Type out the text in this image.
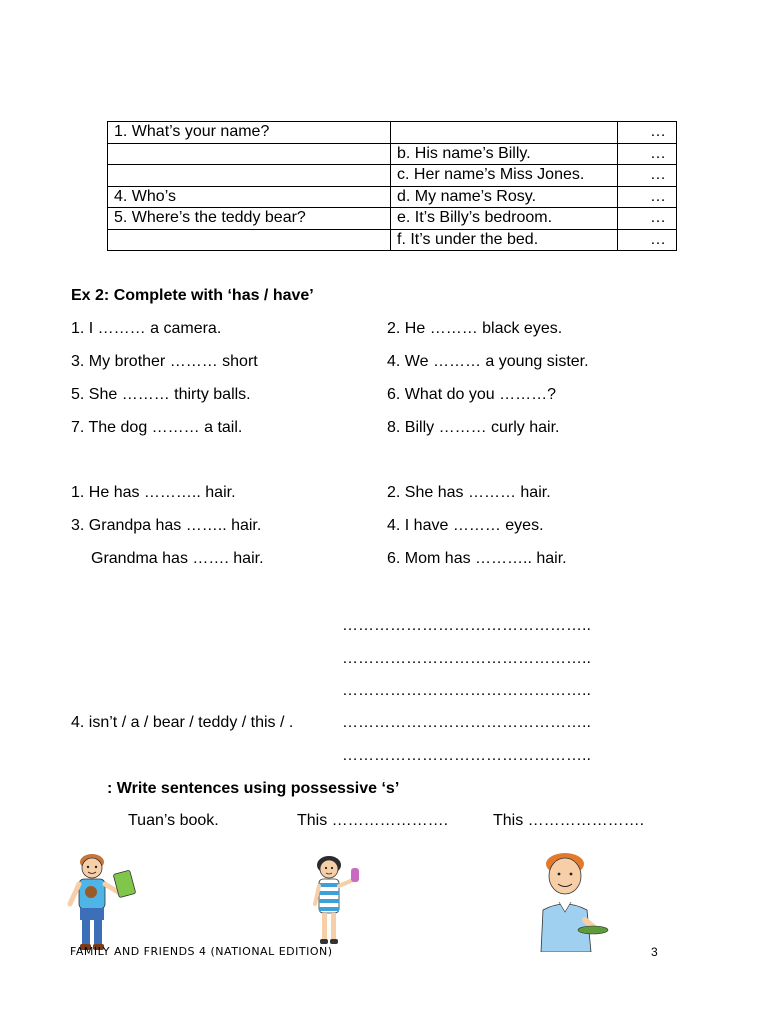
1. What’s your name?		…
	b. His name’s Billy.	…
	c. Her name’s Miss Jones.	…
4. Who’s	d. My name’s Rosy.	…
5. Where’s the teddy bear?	e. It’s Billy’s bedroom.	…
	f. It’s under the bed.	…
Ex 2: Complete with ‘has / have’
1. I ……… a camera.
3. My brother ……… short
5. She ……… thirty balls.
7. The dog ……… a tail.
2. He ……… black eyes.
4. We ……… a young sister.
6. What do you ………?
8. Billy ……… curly hair.
1. He has ……….. hair.
3. Grandpa has …….. hair.
Grandma has ……. hair.
2. She has ……… hair.
4. I have ……… eyes.
6. Mom has ……….. hair.
………………………………………..
………………………………………..
………………………………………..
4. isn’t / a / bear / teddy / this / .	………………………………………..
………………………………………..
: Write sentences using possessive ‘s’
Tuan’s book.	This ………………….	This ………………….
FAMILY AND FRIENDS 4 (NATIONAL EDITION)	3
